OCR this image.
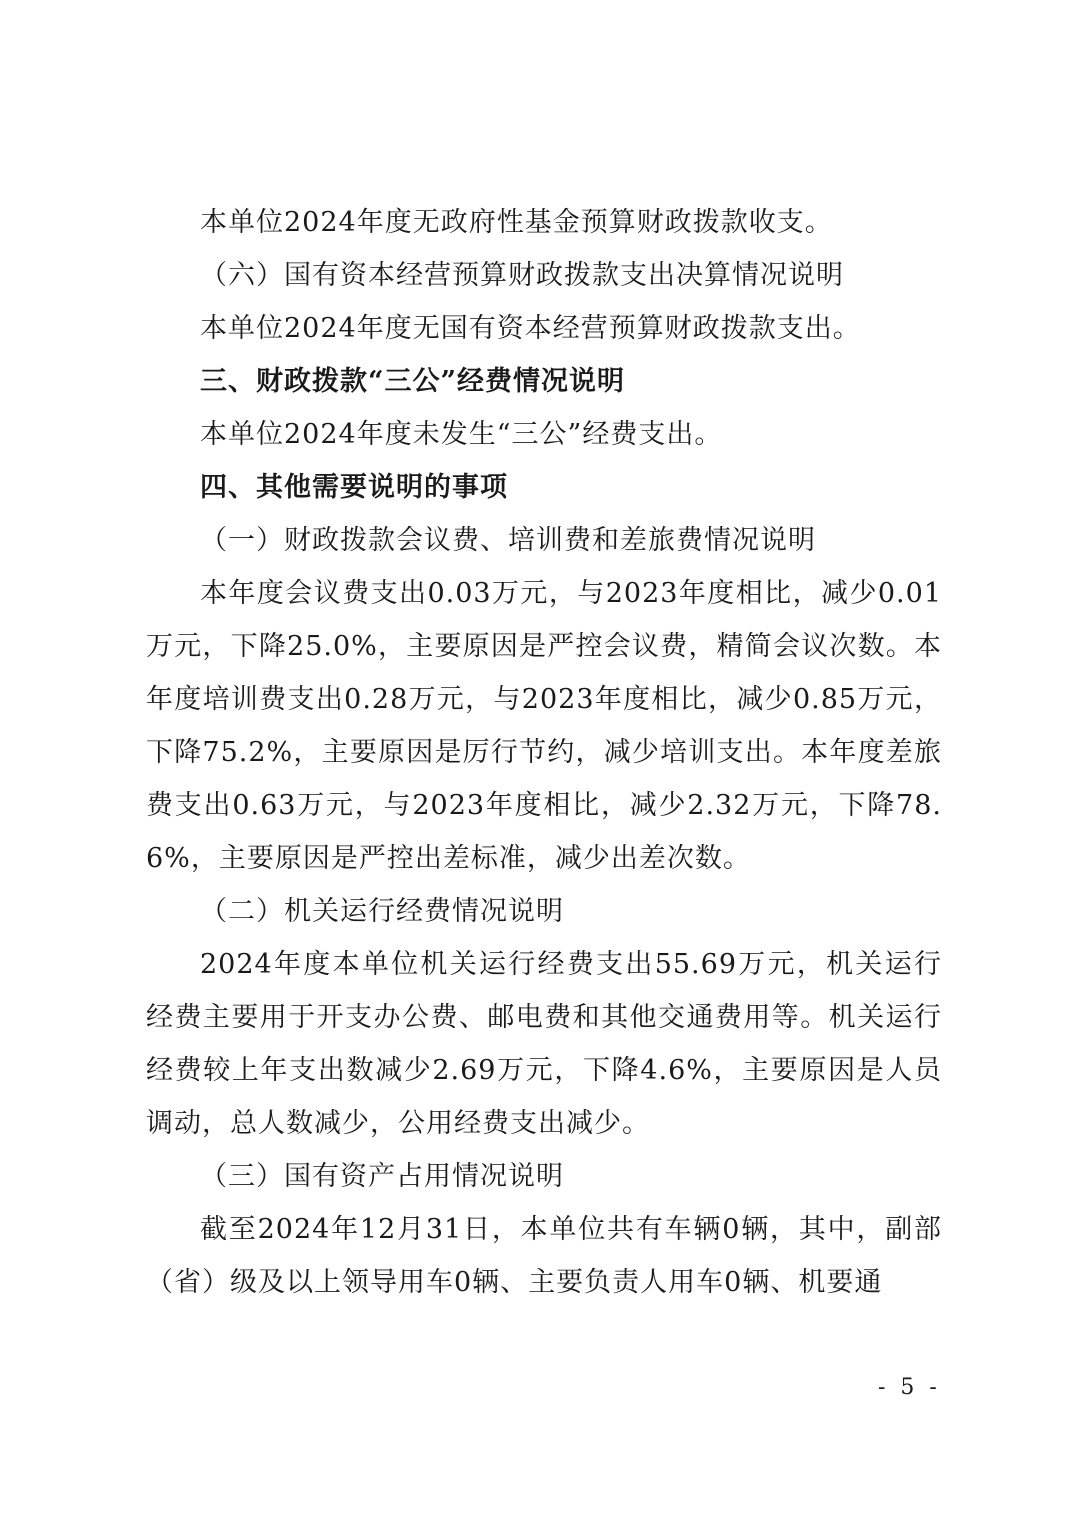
本单位2024年度无政府性基金预算财政拨款收支。

（六）国有资本经营预算财政拨款支出决算情况说明

本单位2024年度无国有资本经营预算财政拨款支出。

三、财政拨款“三公”经费情况说明

本单位2024年度未发生“三公”经费支出。

四、其他需要说明的事项

（一）财政拨款会议费、培训费和差旅费情况说明

本年度会议费支出0.03万元，与2023年度相比，减少0.01万元，下降25.0%，主要原因是严控会议费，精简会议次数。本年度培训费支出0.28万元，与2023年度相比，减少0.85万元，下降75.2%，主要原因是厉行节约，减少培训支出。本年度差旅费支出0.63万元，与2023年度相比，减少2.32万元，下降78.6%，主要原因是严控出差标准，减少出差次数。

（二）机关运行经费情况说明

2024年度本单位机关运行经费支出55.69万元，机关运行经费主要用于开支办公费、邮电费和其他交通费用等。机关运行经费较上年支出数减少2.69万元，下降4.6%，主要原因是人员调动，总人数减少，公用经费支出减少。

（三）国有资产占用情况说明

截至2024年12月31日，本单位共有车辆0辆，其中，副部（省）级及以上领导用车0辆、主要负责人用车0辆、机要通

- 5 -
